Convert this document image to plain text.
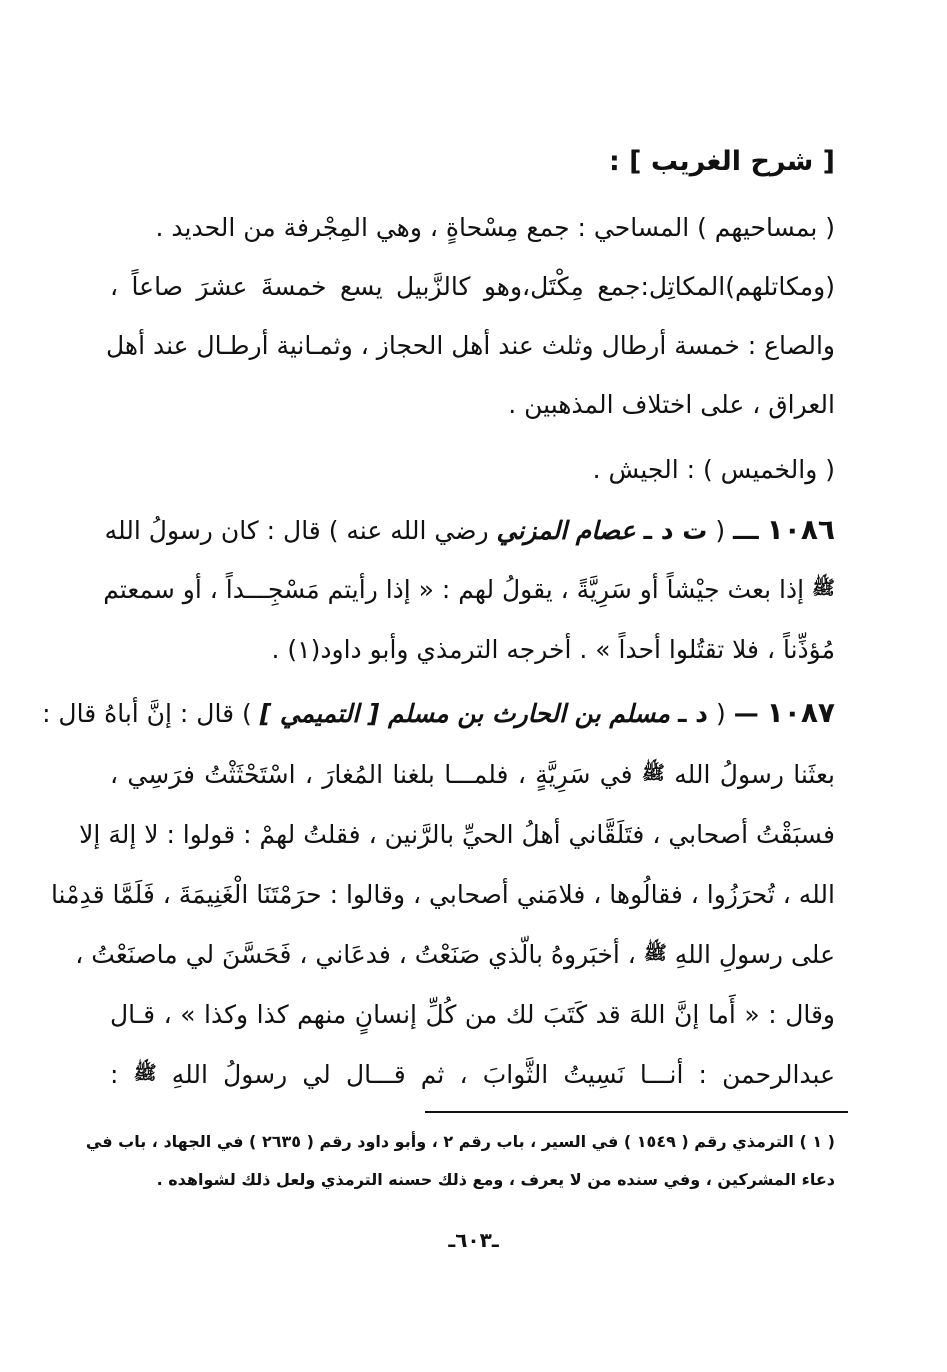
[ شرح الغريب ] :
( بمساحيهم ) المساحي : جمع مِسْحاةٍ ، وهي المِجْرفة من الحديد .
(ومكاتلهم)المكاتِل:جمع مِكْتَل،وهو كالزَّبيل يسع خمسةَ عشرَ صاعاً ،
والصاع : خمسة أرطال وثلث عند أهل الحجاز ، وثمـانية أرطـال عند أهل
العراق ، على اختلاف المذهبين .
( والخميس ) : الجيش .
١٠٨٦ ـــ ( ت د ـ عصام المزني رضي الله عنه ) قال : كان رسولُ الله
ﷺ إذا بعث جيْشاً أو سَرِيَّةً ، يقولُ لهم : « إذا رأيتم مَسْجِـــداً ، أو سمعتم
مُؤذِّناً ، فلا تقتُلوا أحداً » . أخرجه الترمذي وأبو داود(١) .
١٠٨٧ — ( د ـ مسلم بن الحارث بن مسلم [ التميمي ] ) قال : إنَّ أباهُ قال :
بعثَنا رسولُ الله ﷺ في سَرِيَّةٍ ، فلمـــا بلغنا المُغارَ ، اسْتَحْثَثْتُ فرَسِي ،
فسبَقْتُ أصحابي ، فتَلَقَّاني أهلُ الحيِّ بالرَّنين ، فقلتُ لهمْ : قولوا : لا إلهَ إلا
الله ، تُحرَزُوا ، فقالُوها ، فلامَني أصحابي ، وقالوا : حرَمْتَنَا الْغَنِيمَةَ ، فَلَمَّا قدِمْنا
على رسولِ اللهِ ﷺ ، أخبَروهُ بالّذي صَنَعْتُ ، فدعَاني ، فَحَسَّنَ لي ماصنَعْتُ ،
وقال : « أَما إنَّ اللهَ قد كَتَبَ لك من كُلِّ إنسانٍ منهم كذا وكذا » ، قـال
عبدالرحمن : أنـــا نَسِيتُ الثَّوابَ ، ثم قـــال لي رسولُ اللهِ ﷺ :
( ١ ) الترمذي رقم ( ١٥٤٩ ) في السير ، باب رقم ٢ ، وأبو داود رقم ( ٢٦٣٥ ) في الجهاد ، باب في
دعاء المشركين ، وفي سنده من لا يعرف ، ومع ذلك حسنه الترمذي ولعل ذلك لشواهده .
ـ٦٠٣ـ
